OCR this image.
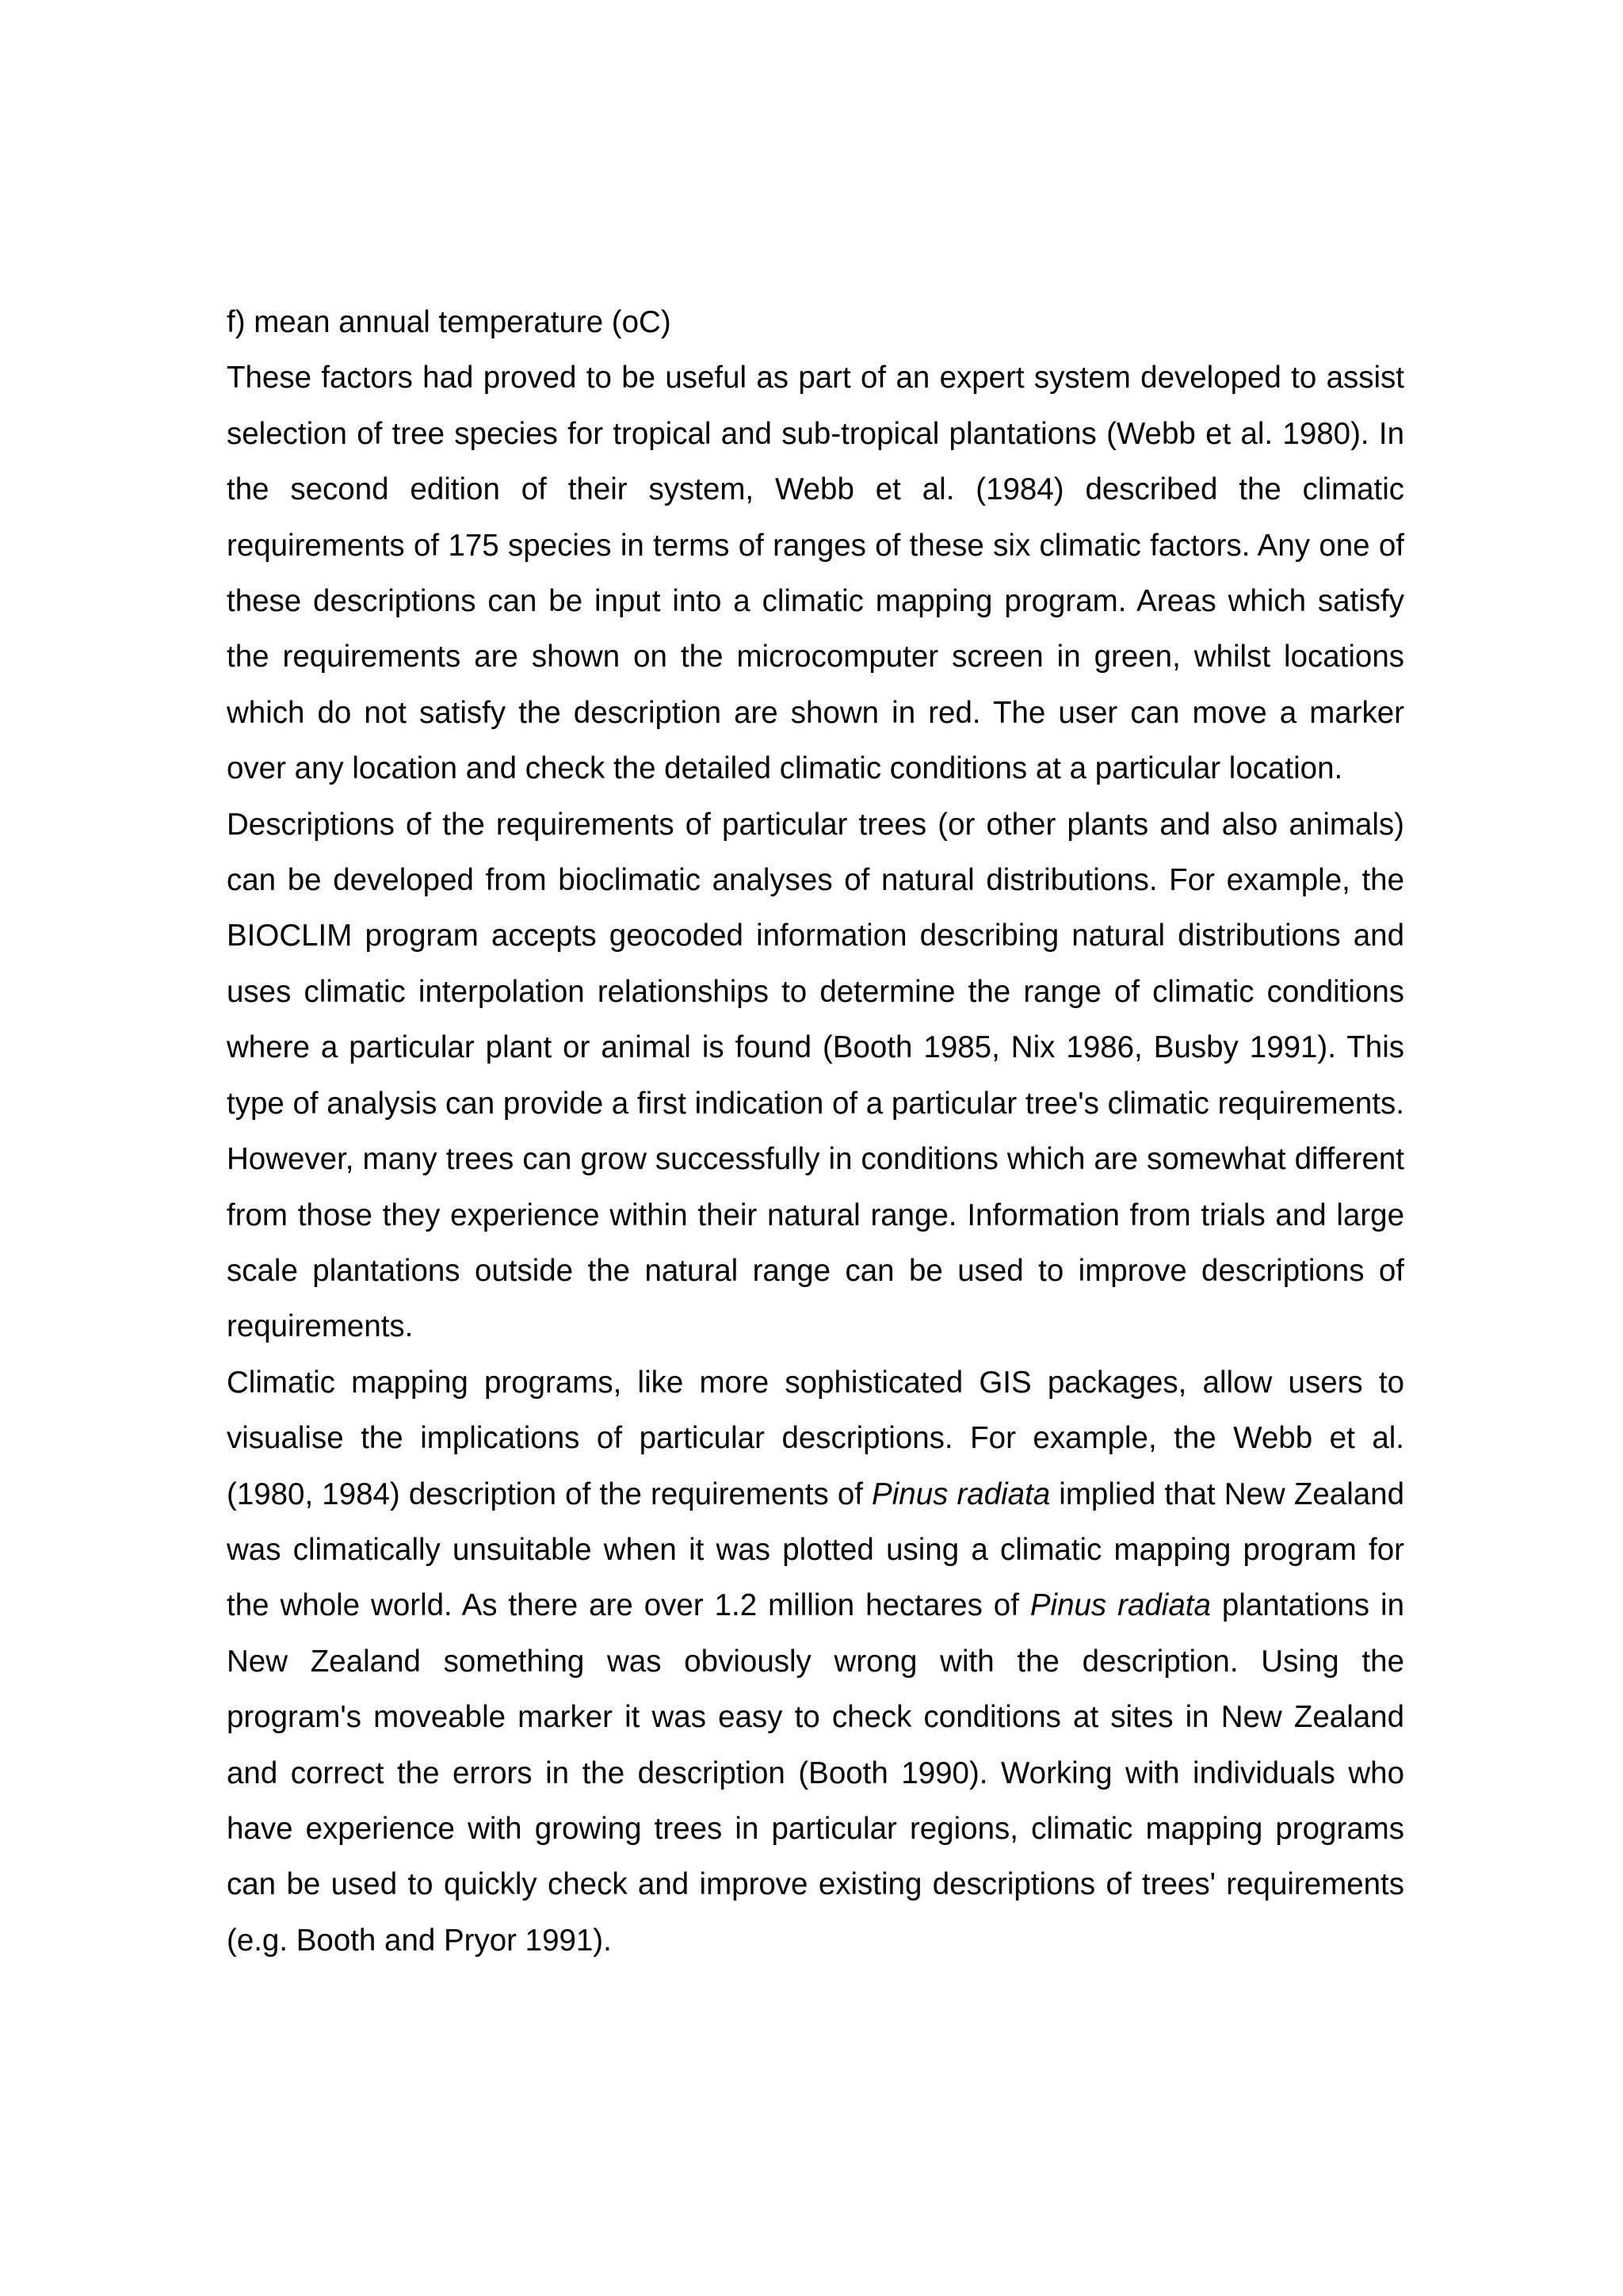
f) mean annual temperature (oC)

These factors had proved to be useful as part of an expert system developed to assist selection of tree species for tropical and sub-tropical plantations (Webb et al. 1980). In the second edition of their system, Webb et al. (1984) described the climatic requirements of 175 species in terms of ranges of these six climatic factors. Any one of these descriptions can be input into a climatic mapping program. Areas which satisfy the requirements are shown on the microcomputer screen in green, whilst locations which do not satisfy the description are shown in red. The user can move a marker over any location and check the detailed climatic conditions at a particular location.

Descriptions of the requirements of particular trees (or other plants and also animals) can be developed from bioclimatic analyses of natural distributions. For example, the BIOCLIM program accepts geocoded information describing natural distributions and uses climatic interpolation relationships to determine the range of climatic conditions where a particular plant or animal is found (Booth 1985, Nix 1986, Busby 1991). This type of analysis can provide a first indication of a particular tree's climatic requirements. However, many trees can grow successfully in conditions which are somewhat different from those they experience within their natural range. Information from trials and large scale plantations outside the natural range can be used to improve descriptions of requirements.

Climatic mapping programs, like more sophisticated GIS packages, allow users to visualise the implications of particular descriptions. For example, the Webb et al. (1980, 1984) description of the requirements of Pinus radiata implied that New Zealand was climatically unsuitable when it was plotted using a climatic mapping program for the whole world. As there are over 1.2 million hectares of Pinus radiata plantations in New Zealand something was obviously wrong with the description. Using the program's moveable marker it was easy to check conditions at sites in New Zealand and correct the errors in the description (Booth 1990). Working with individuals who have experience with growing trees in particular regions, climatic mapping programs can be used to quickly check and improve existing descriptions of trees' requirements (e.g. Booth and Pryor 1991).
